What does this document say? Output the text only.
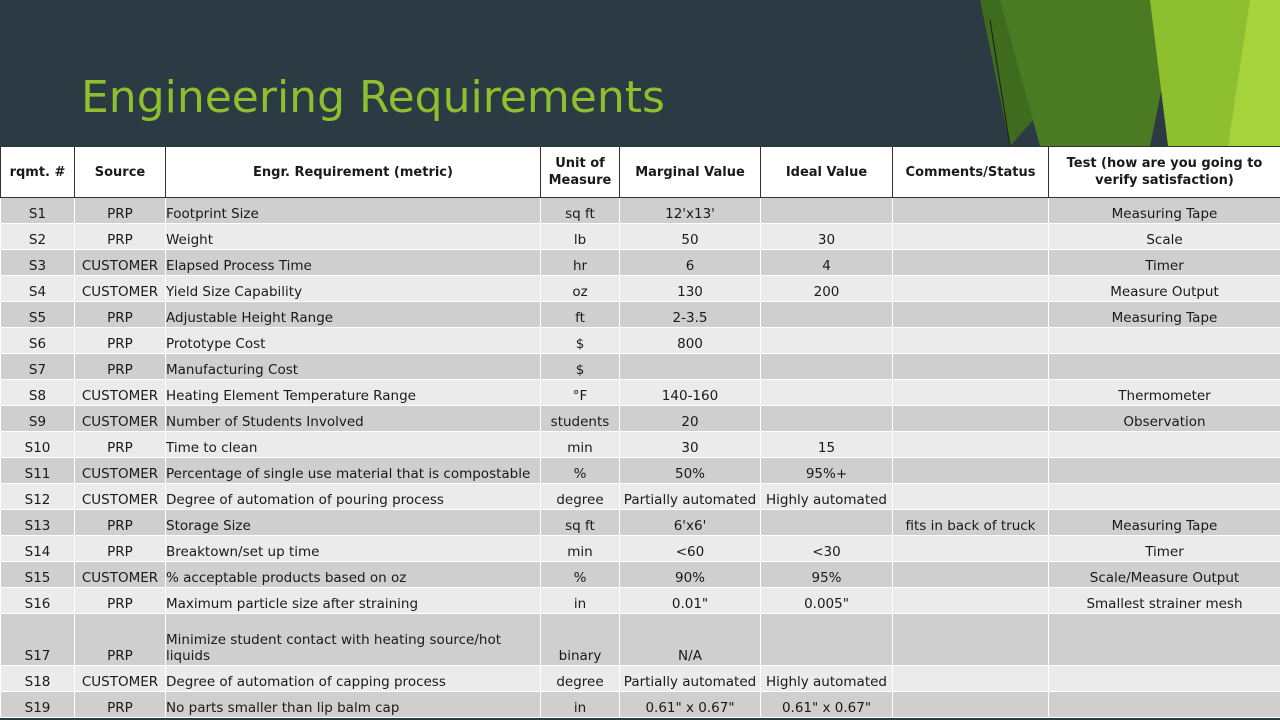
Engineering Requirements
rqmt. #	Source	Engr. Requirement (metric)	Unit of Measure	Marginal Value	Ideal Value	Comments/Status	Test (how are you going to verify satisfaction)
S1	PRP	Footprint Size	sq ft	12'x13'			Measuring Tape
S2	PRP	Weight	lb	50	30		Scale
S3	CUSTOMER	Elapsed Process Time	hr	6	4		Timer
S4	CUSTOMER	Yield Size Capability	oz	130	200		Measure Output
S5	PRP	Adjustable Height Range	ft	2-3.5			Measuring Tape
S6	PRP	Prototype Cost	$	800			
S7	PRP	Manufacturing Cost	$				
S8	CUSTOMER	Heating Element Temperature Range	°F	140-160			Thermometer
S9	CUSTOMER	Number of Students Involved	students	20			Observation
S10	PRP	Time to clean	min	30	15		
S11	CUSTOMER	Percentage of single use material that is compostable	%	50%	95%+		
S12	CUSTOMER	Degree of automation of pouring process	degree	Partially automated	Highly automated		
S13	PRP	Storage Size	sq ft	6'x6'		fits in back of truck	Measuring Tape
S14	PRP	Breaktown/set up time	min	<60	<30		Timer
S15	CUSTOMER	% acceptable products based on oz	%	90%	95%		Scale/Measure Output
S16	PRP	Maximum particle size after straining	in	0.01"	0.005"		Smallest strainer mesh
S17	PRP	Minimize student contact with heating source/hot liquids	binary	N/A			
S18	CUSTOMER	Degree of automation of capping process	degree	Partially automated	Highly automated		
S19	PRP	No parts smaller than lip balm cap	in	0.61" x 0.67"	0.61" x 0.67"		
